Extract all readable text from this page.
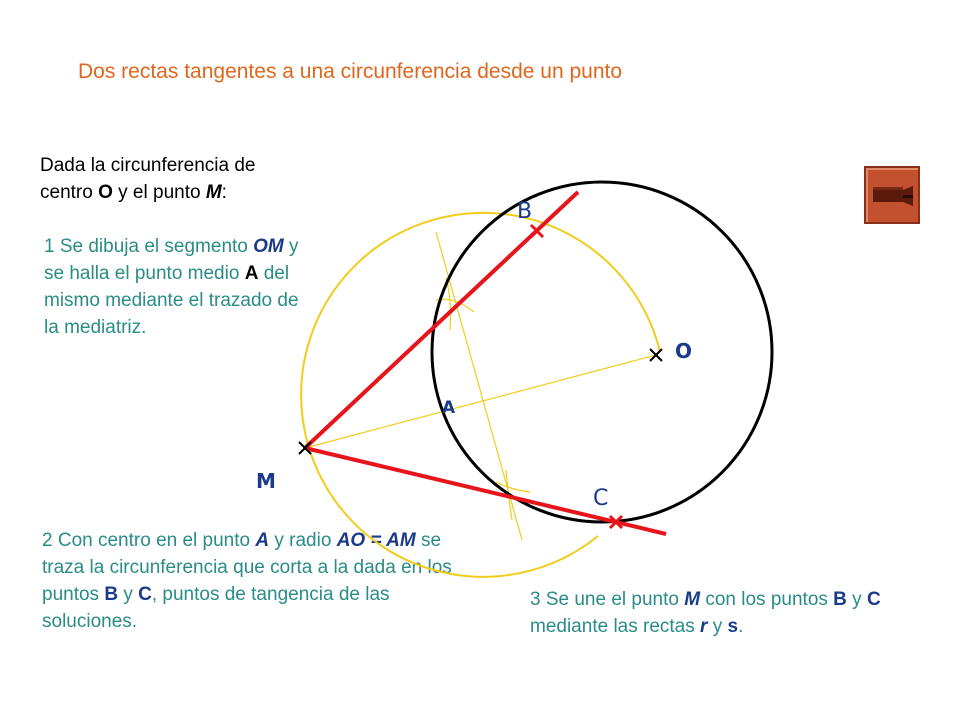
Dos rectas tangentes a una circunferencia desde un punto
Dada la circunferencia de centro O y el punto M:
1 Se dibuja el segmento OM y se halla el punto medio A del mismo mediante el trazado de la mediatriz.
2 Con centro en el punto A y radio AO = AM se traza la circunferencia que corta a la dada en los puntos B y C, puntos de tangencia de las soluciones.
3 Se une el punto M con los puntos B y C mediante las rectas r y s.
B
O
A
M
C
